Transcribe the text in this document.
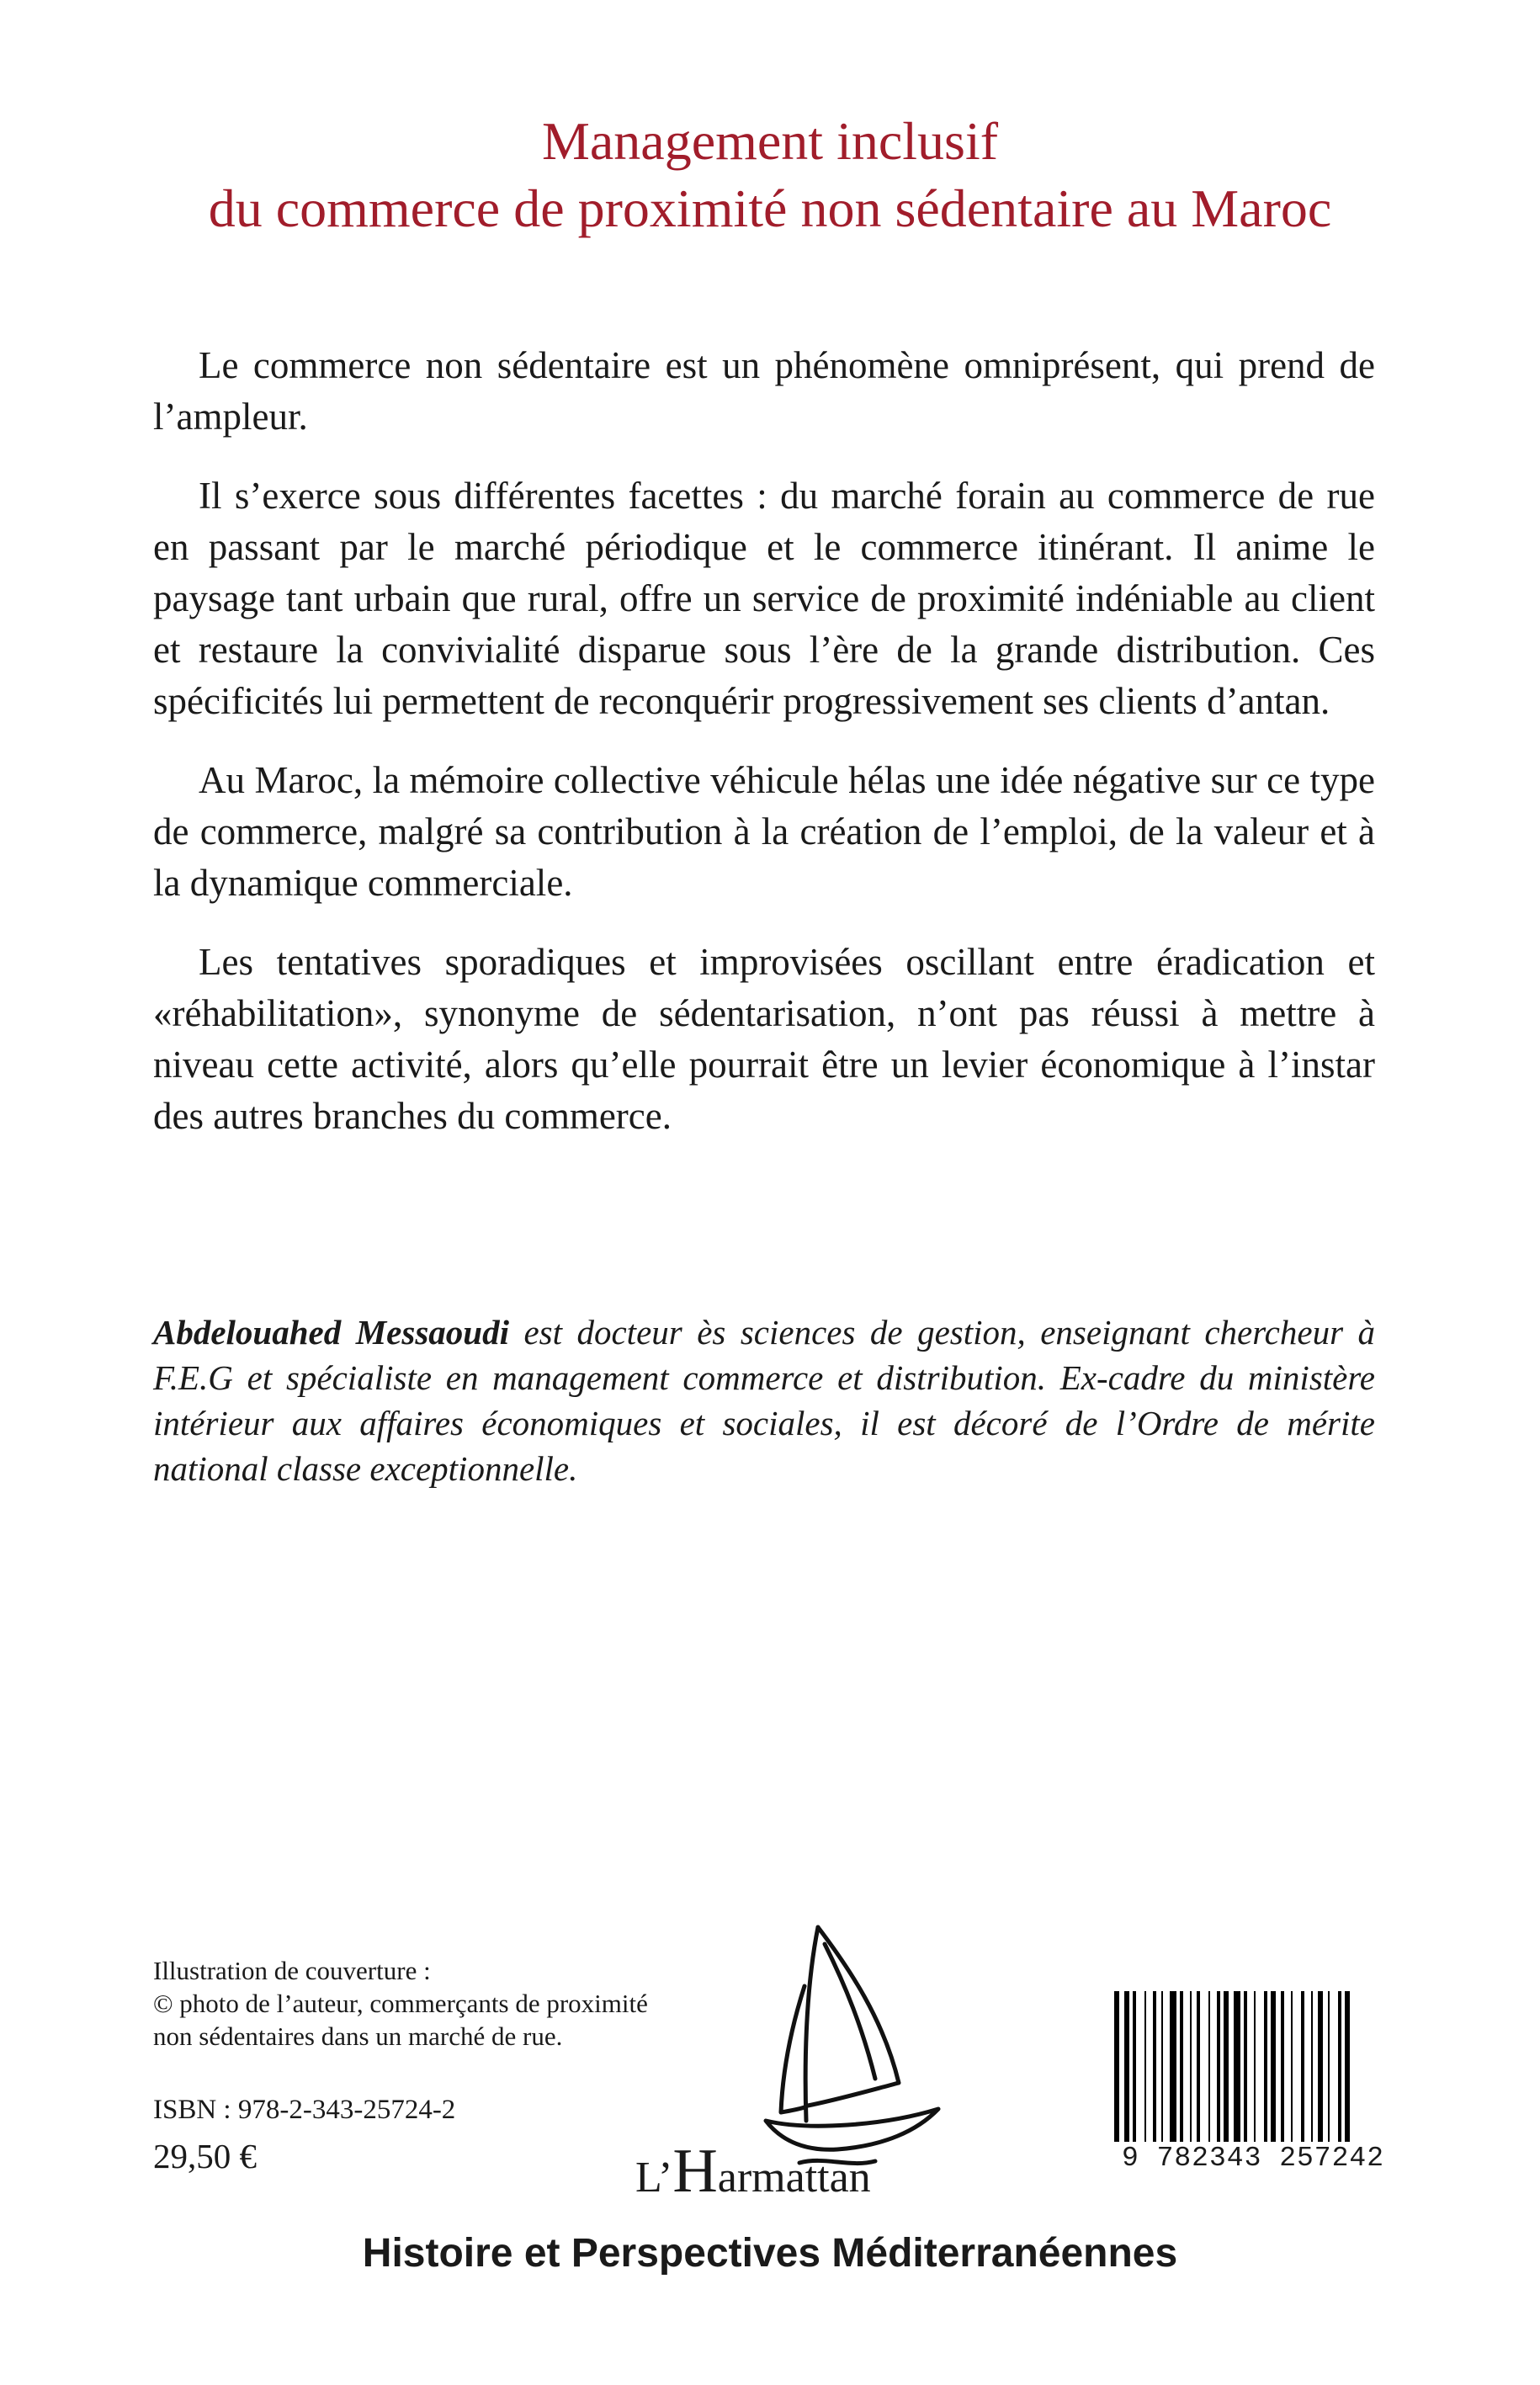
Management inclusif
du commerce de proximité non sédentaire au Maroc

Le commerce non sédentaire est un phénomène omniprésent, qui prend de l’ampleur.

Il s’exerce sous différentes facettes : du marché forain au commerce de rue en passant par le marché périodique et le commerce itinérant. Il anime le paysage tant urbain que rural, offre un service de proximité indéniable au client et restaure la convivialité disparue sous l’ère de la grande distribution. Ces spécificités lui permettent de reconquérir progressivement ses clients d’antan.

Au Maroc, la mémoire collective véhicule hélas une idée négative sur ce type de commerce, malgré sa contribution à la création de l’emploi, de la valeur et à la dynamique commerciale.

Les tentatives sporadiques et improvisées oscillant entre éradication et «réhabilitation», synonyme de sédentarisation, n’ont pas réussi à mettre à niveau cette activité, alors qu’elle pourrait être un levier économique à l’instar des autres branches du commerce.

Abdelouahed Messaoudi est docteur ès sciences de gestion, enseignant chercheur à F.E.G et spécialiste en management commerce et distribution. Ex-cadre du ministère intérieur aux affaires économiques et sociales, il est décoré de l’Ordre de mérite national classe exceptionnelle.

Illustration de couverture :
© photo de l’auteur, commerçants de proximité
non sédentaires dans un marché de rue.
ISBN : 978-2-343-25724-2
29,50 €	L’Harmattan	9 782343 257242
Histoire et Perspectives Méditerranéennes
